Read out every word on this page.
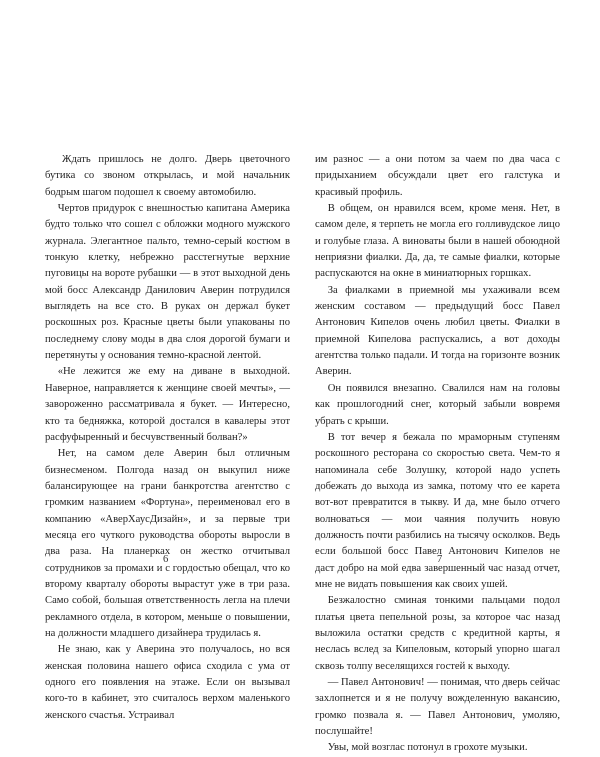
Ждать пришлось не долго. Дверь цветочного бутика со звоном открылась, и мой начальник бодрым шагом подошел к своему автомобилю.

Чертов придурок с внешностью капитана Америка будто только что сошел с обложки модного мужского журнала. Элегантное пальто, темно-серый костюм в тонкую клетку, небрежно расстегнутые верхние пуговицы на вороте рубашки — в этот выходной день мой босс Александр Данилович Аверин потрудился выглядеть на все сто. В руках он держал букет роскошных роз. Красные цветы были упакованы по последнему слову моды в два слоя дорогой бумаги и перетянуты у основания темно-красной лентой.

«Не лежится же ему на диване в выходной. Наверное, направляется к женщине своей мечты», — завороженно рассматривала я букет. — Интересно, кто та бедняжка, которой достался в кавалеры этот расфуфыренный и бесчувственный болван?»

Нет, на самом деле Аверин был отличным бизнесменом. Полгода назад он выкупил ниже балансирующее на грани банкротства агентство с громким названием «Фортуна», переименовал его в компанию «АверХаусДизайн», и за первые три месяца его чуткого руководства обороты выросли в два раза. На планерках он жестко отчитывал сотрудников за промахи и с гордостью обещал, что ко второму кварталу обороты вырастут уже в три раза. Само собой, большая ответственность легла на плечи рекламного отдела, в котором, меньше о повышении, на должности младшего дизайнера трудилась я.

Не знаю, как у Аверина это получалось, но вся женская половина нашего офиса сходила с ума от одного его появления на этаже. Если он вызывал кого-то в кабинет, это считалось верхом маленького женского счастья. Устраивал

6

им разнос — а они потом за чаем по два часа с придыханием обсуждали цвет его галстука и красивый профиль.

В общем, он нравился всем, кроме меня. Нет, в самом деле, я терпеть не могла его голливудское лицо и голубые глаза. А виноваты были в нашей обоюдной неприязни фиалки. Да, да, те самые фиалки, которые распускаются на окне в миниатюрных горшках.

За фиалками в приемной мы ухаживали всем женским составом — предыдущий босс Павел Антонович Кипелов очень любил цветы. Фиалки в приемной Кипелова распускались, а вот доходы агентства только падали. И тогда на горизонте возник Аверин.

Он появился внезапно. Свалился нам на головы как прошлогодний снег, который забыли вовремя убрать с крыши.

В тот вечер я бежала по мраморным ступеням роскошного ресторана со скоростью света. Чем-то я напоминала себе Золушку, которой надо успеть добежать до выхода из замка, потому что ее карета вот-вот превратится в тыкву. И да, мне было отчего волноваться — мои чаяния получить новую должность почти разбились на тысячу осколков. Ведь если большой босс Павел Антонович Кипелов не даст добро на мой едва завершенный час назад отчет, мне не видать повышения как своих ушей.

Безжалостно сминая тонкими пальцами подол платья цвета пепельной розы, за которое час назад выложила остатки средств с кредитной карты, я неслась вслед за Кипеловым, который упорно шагал сквозь толпу веселящихся гостей к выходу.

— Павел Антонович! — понимая, что дверь сейчас захлопнется и я не получу вожделенную вакансию, громко позвала я. — Павел Антонович, умоляю, послушайте!

Увы, мой возглас потонул в грохоте музыки.

7
